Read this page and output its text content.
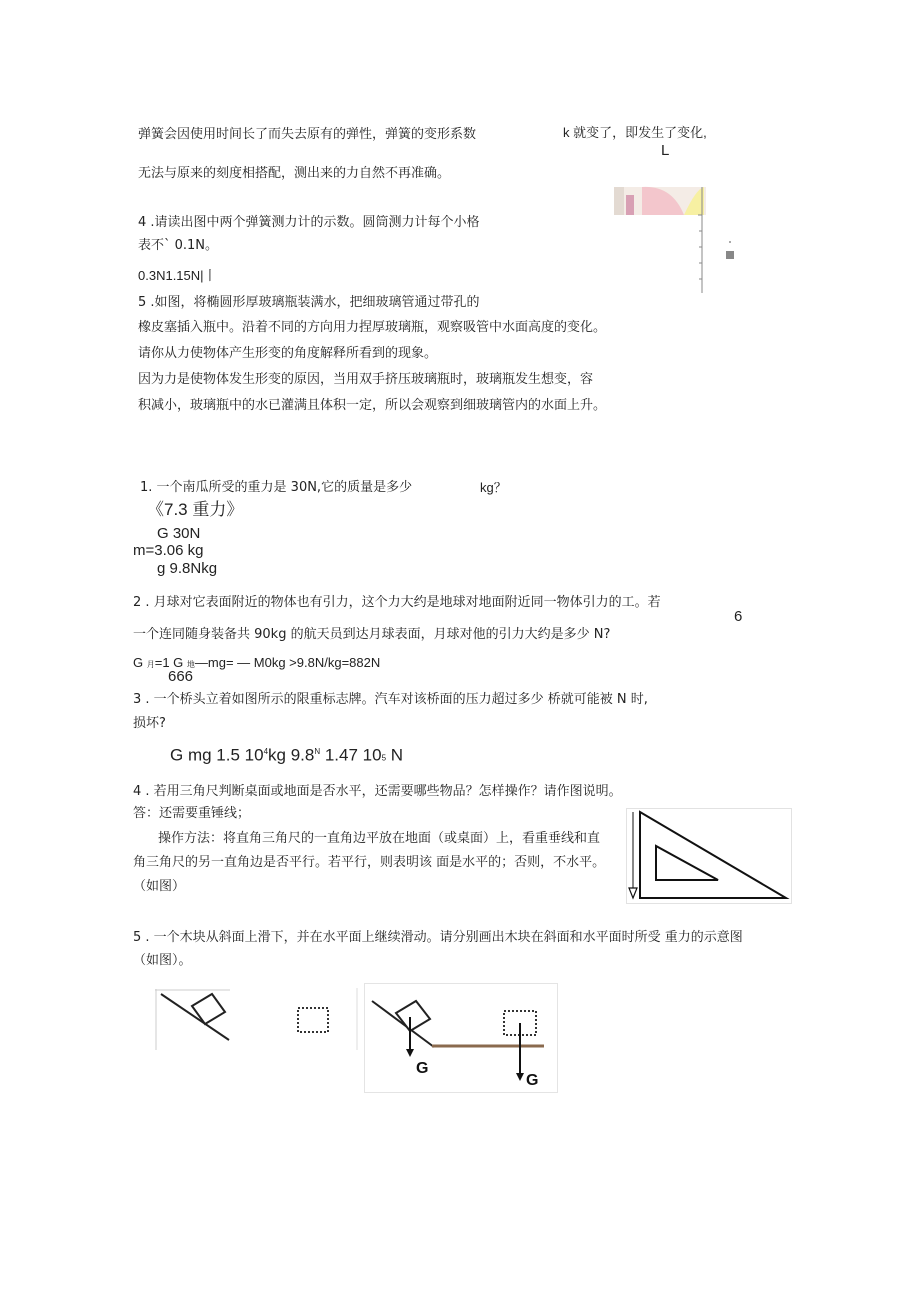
弹簧会因使用时间长了而失去原有的弹性，弹簧的变形系数	k 就变了，即发生了变化,
L
无法与原来的刻度相搭配，测出来的力自然不再准确。
4 .请读出图中两个弹簧测力计的示数。圆筒测力计每个小格
表不` 0.1N。
0.3N1.15N|丨
5 .如图，将椭圆形厚玻璃瓶装满水，把细玻璃管通过带孔的
橡皮塞插入瓶中。沿着不同的方向用力捏厚玻璃瓶，观察吸管中水面高度的变化。
请你从力使物体产生形变的角度解释所看到的现象。
因为力是使物体发生形变的原因，当用双手挤压玻璃瓶时，玻璃瓶发生想变，容
积减小，玻璃瓶中的水已灌满且体积一定，所以会观察到细玻璃管内的水面上升。
1. 一个南瓜所受的重力是 30N,它的质量是多少	kg？
《7.3 重力》
G 30N
m=3.06 kg
g 9.8Nkg
2 . 月球对它表面附近的物体也有引力，这个力大约是地球对地面附近同一物体引力的工。若
6
一个连同随身装备共 90kg 的航天员到达月球表面，月球对他的引力大约是多少 N?
G 月=1 G 地—mg= — M0kg >9.8N/kg=882N
666
3 . 一个桥头立着如图所示的限重标志牌。汽车对该桥面的压力超过多少 桥就可能被 N 时,
损坏?
G mg 1.5 $10^4kg$ $9.8^N$ 1.47 105 N
4 . 若用三角尺判断桌面或地面是否水平，还需要哪些物品？怎样操作？请作图说明。
答：还需要重锤线；
操作方法：将直角三角尺的一直角边平放在地面（或桌面）上，看重垂线和直
角三角尺的另一直角边是否平行。若平行，则表明该 面是水平的；否则，不水平。
（如图）
5 . 一个木块从斜面上滑下，并在水平面上继续滑动。请分别画出木块在斜面和水平面时所受 重力的示意图
（如图）。
G
G
